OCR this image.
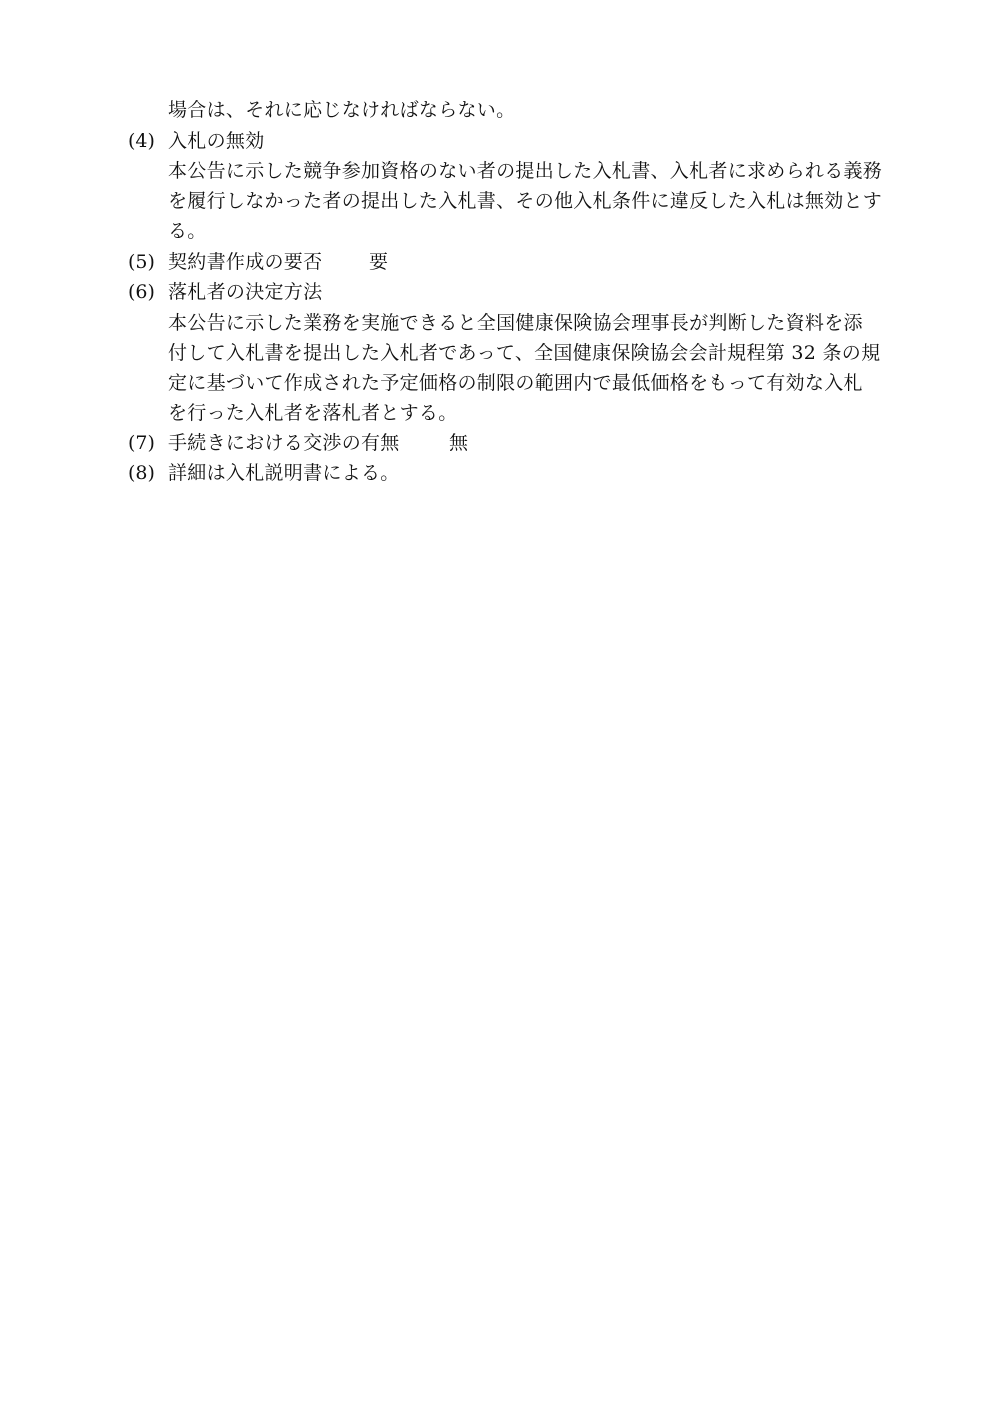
場合は、それに応じなければならない。
(4) 入札の無効
本公告に示した競争参加資格のない者の提出した入札書、入札者に求められる義務
を履行しなかった者の提出した入札書、その他入札条件に違反した入札は無効とす
る。
(5) 契約書作成の要否 要
(6) 落札者の決定方法
本公告に示した業務を実施できると全国健康保険協会理事長が判断した資料を添
付して入札書を提出した入札者であって、全国健康保険協会会計規程第 32 条の規
定に基づいて作成された予定価格の制限の範囲内で最低価格をもって有効な入札
を行った入札者を落札者とする。
(7) 手続きにおける交渉の有無	無
(8) 詳細は入札説明書による。
